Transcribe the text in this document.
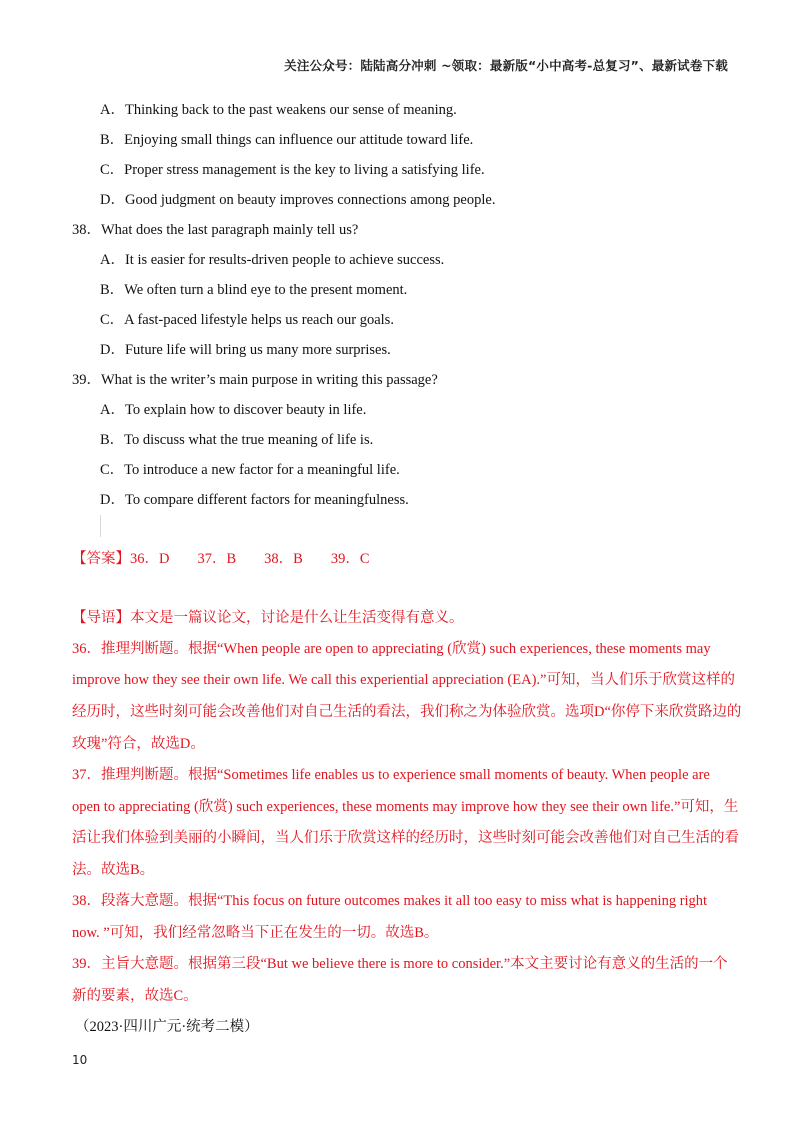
关注公众号：陆陆高分冲刺 ~领取：最新版“小中高考-总复习”、最新试卷下载
A．Thinking back to the past weakens our sense of meaning.
B．Enjoying small things can influence our attitude toward life.
C．Proper stress management is the key to living a satisfying life.
D．Good judgment on beauty improves connections among people.
38．What does the last paragraph mainly tell us?
A．It is easier for results-driven people to achieve success.
B．We often turn a blind eye to the present moment.
C．A fast-paced lifestyle helps us reach our goals.
D．Future life will bring us many more surprises.
39．What is the writer’s main purpose in writing this passage?
A．To explain how to discover beauty in life.
B．To discuss what the true meaning of life is.
C．To introduce a new factor for a meaningful life.
D．To compare different factors for meaningfulness.
【答案】36．D 37．B 38．B 39．C
【导语】本文是一篇议论文，讨论是什么让生活变得有意义。
36．推理判断题。根据“When people are open to appreciating (欣赏) such experiences, these moments may
improve how they see their own life. We call this experiential appreciation (EA).”可知，当人们乐于欣赏这样的
经历时，这些时刻可能会改善他们对自己生活的看法，我们称之为体验欣赏。选项D“你停下来欣赏路边的
玫瑰”符合，故选D。
37．推理判断题。根据“Sometimes life enables us to experience small moments of beauty. When people are
open to appreciating (欣赏) such experiences, these moments may improve how they see their own life.”可知，生
活让我们体验到美丽的小瞬间，当人们乐于欣赏这样的经历时，这些时刻可能会改善他们对自己生活的看
法。故选B。
38．段落大意题。根据“This focus on future outcomes makes it all too easy to miss what is happening right
now. ”可知，我们经常忽略当下正在发生的一切。故选B。
39．主旨大意题。根据第三段“But we believe there is more to consider.”本文主要讨论有意义的生活的一个
新的要素，故选C。
（2023·四川广元·统考二模）
10
